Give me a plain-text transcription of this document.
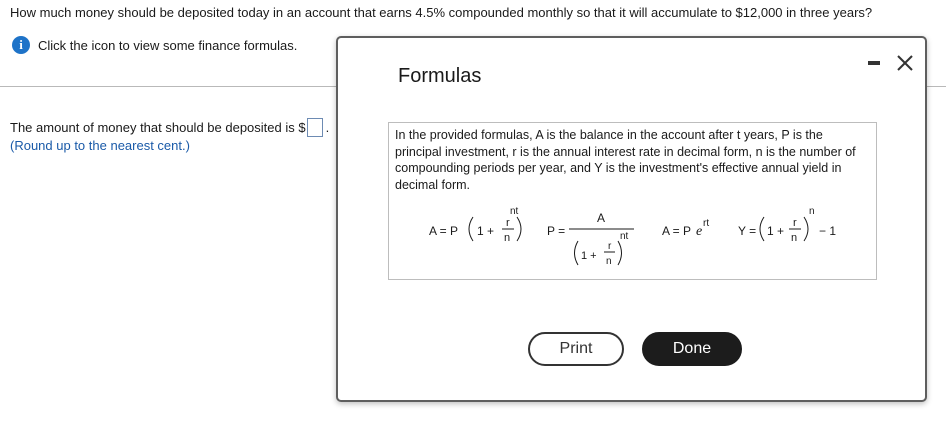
How much money should be deposited today in an account that earns 4.5% compounded monthly so that it will accumulate to $12,000 in three years?
i	Click the icon to view some finance formulas.
The amount of money that should be deposited is $ .
(Round up to the nearest cent.)
Formulas
In the provided formulas, A is the balance in the account after t years, P is the principal investment, r is the annual interest rate in decimal form, n is the number of compounding periods per year, and Y is the investment's effective annual yield in decimal form.
A = P 1 +
r
n
nt
P =
A
1 +
r
n
nt	A = P e
rt
Y = 1 +
r
n
n
− 1
Print	Done
